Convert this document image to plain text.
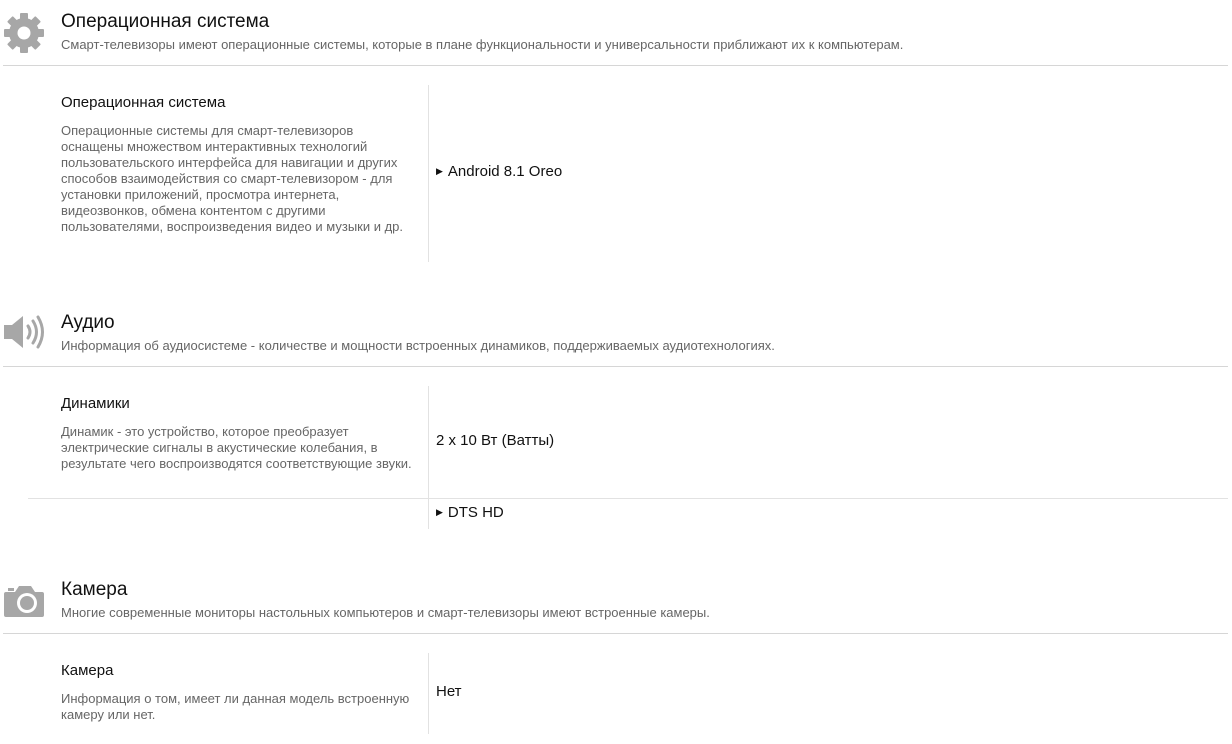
Операционная система
Смарт-телевизоры имеют операционные системы, которые в плане функциональности и универсальности приближают их к компьютерам.
Операционная система
Операционные системы для смарт-телевизоров оснащены множеством интерактивных технологий пользовательского интерфейса для навигации и других способов взаимодействия со смарт-телевизором - для установки приложений, просмотра интернета, видеозвонков, обмена контентом с другими пользователями, воспроизведения видео и музыки и др.
▶ Android 8.1 Oreo
Аудио
Информация об аудиосистеме - количестве и мощности встроенных динамиков, поддерживаемых аудиотехнологиях.
Динамики
Динамик - это устройство, которое преобразует электрические сигналы в акустические колебания, в результате чего воспроизводятся соответствующие звуки.
2 x 10 Вт (Ватты)
▶ DTS HD
Камера
Многие современные мониторы настольных компьютеров и смарт-телевизоры имеют встроенные камеры.
Камера
Информация о том, имеет ли данная модель встроенную камеру или нет.
Нет
